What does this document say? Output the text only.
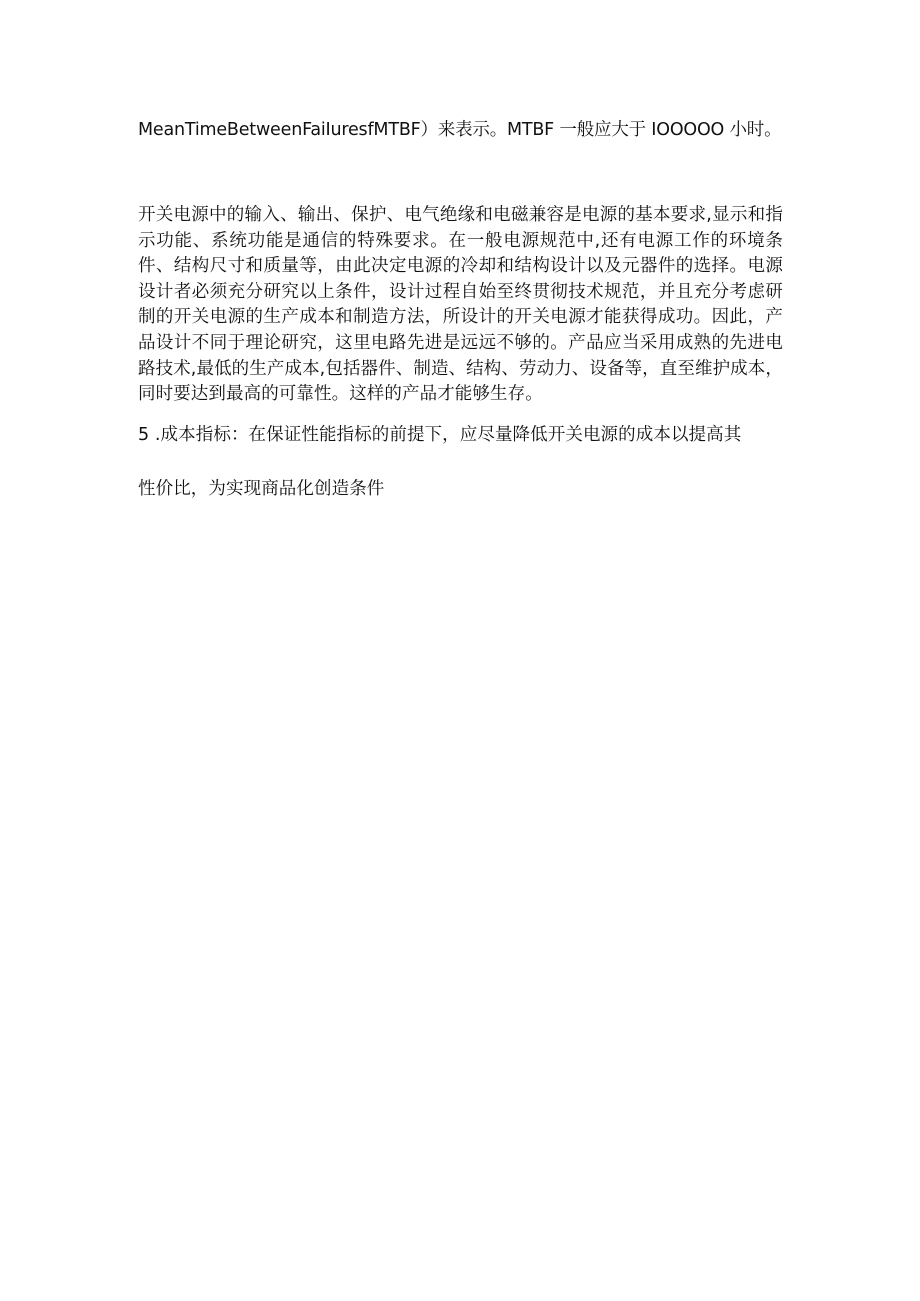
MeanTimeBetweenFaiIuresfMTBF）来表示。MTBF 一般应大于 IOOOOO 小时。

开关电源中的输入、输出、保护、电气绝缘和电磁兼容是电源的基本要求,显示和指示功能、系统功能是通信的特殊要求。在一般电源规范中,还有电源工作的环境条件、结构尺寸和质量等，由此决定电源的冷却和结构设计以及元器件的选择。电源设计者必须充分研究以上条件，设计过程自始至终贯彻技术规范，并且充分考虑研制的开关电源的生产成本和制造方法，所设计的开关电源才能获得成功。因此，产品设计不同于理论研究，这里电路先进是远远不够的。产品应当采用成熟的先进电路技术,最低的生产成本,包括器件、制造、结构、劳动力、设备等，直至维护成本，同时要达到最高的可靠性。这样的产品才能够生存。

5 .成本指标：在保证性能指标的前提下，应尽量降低开关电源的成本以提高其

性价比，为实现商品化创造条件
